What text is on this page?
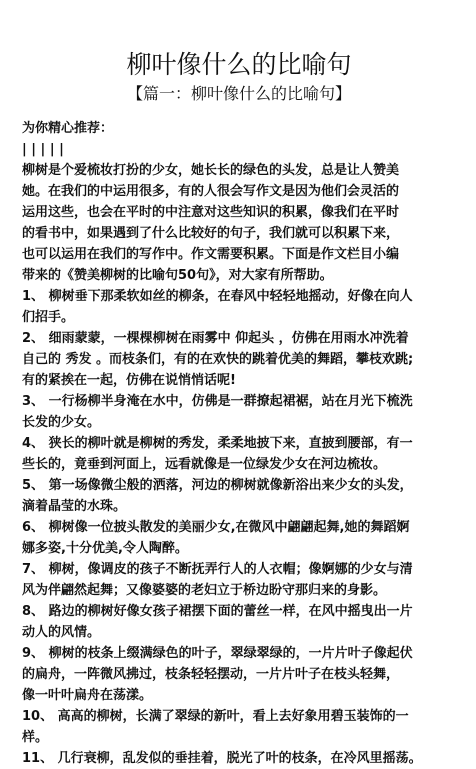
柳叶像什么的比喻句
【篇一：柳叶像什么的比喻句】
为你精心推荐：
| | | | |
柳树是个爱梳妆打扮的少女，她长长的绿色的头发，总是让人赞美
她。在我们的中运用很多，有的人很会写作文是因为他们会灵活的
运用这些，也会在平时的中注意对这些知识的积累，像我们在平时
的看书中，如果遇到了什么比较好的句子，我们就可以积累下来，
也可以运用在我们的写作中。作文需要积累。下面是作文栏目小编
带来的《赞美柳树的比喻句50句》，对大家有所帮助。
1、 柳树垂下那柔软如丝的柳条，在春风中轻轻地摇动，好像在向人
们招手。
2、 细雨蒙蒙，一棵棵柳树在雨雾中 仰起头 ，仿佛在用雨水冲洗着
自己的 秀发 。而枝条们，有的在欢快的跳着优美的舞蹈，攀枝欢跳;
有的紧挨在一起，仿佛在说悄悄话呢!
3、 一行杨柳半身淹在水中，仿佛是一群撩起裙裾，站在月光下梳洗
长发的少女。
4、 狭长的柳叶就是柳树的秀发，柔柔地披下来，直披到腰部，有一
些长的，竟垂到河面上，远看就像是一位绿发少女在河边梳妆。
5、 第一场像微尘般的洒落，河边的柳树就像新浴出来少女的头发，
滴着晶莹的水珠。
6、 柳树像一位披头散发的美丽少女,在微风中翩翩起舞,她的舞蹈婀
娜多姿,十分优美,令人陶醉。
7、 柳树，像调皮的孩子不断抚弄行人的人衣帽；像婀娜的少女与清
风为伴翩然起舞；又像婆婆的老妇立于桥边盼守那归来的身影。
8、 路边的柳树好像女孩子裙摆下面的蕾丝一样，在风中摇曳出一片
动人的风情。
9、 柳树的枝条上缀满绿色的叶子，翠绿翠绿的，一片片叶子像起伏
的扁舟，一阵微风拂过，枝条轻轻摆动，一片片叶子在枝头轻舞，
像一叶叶扁舟在荡漾。
10、 高高的柳树，长满了翠绿的新叶，看上去好象用碧玉装饰的一
样。
11、 几行衰柳，乱发似的垂挂着，脱光了叶的枝条，在冷风里摇荡。
